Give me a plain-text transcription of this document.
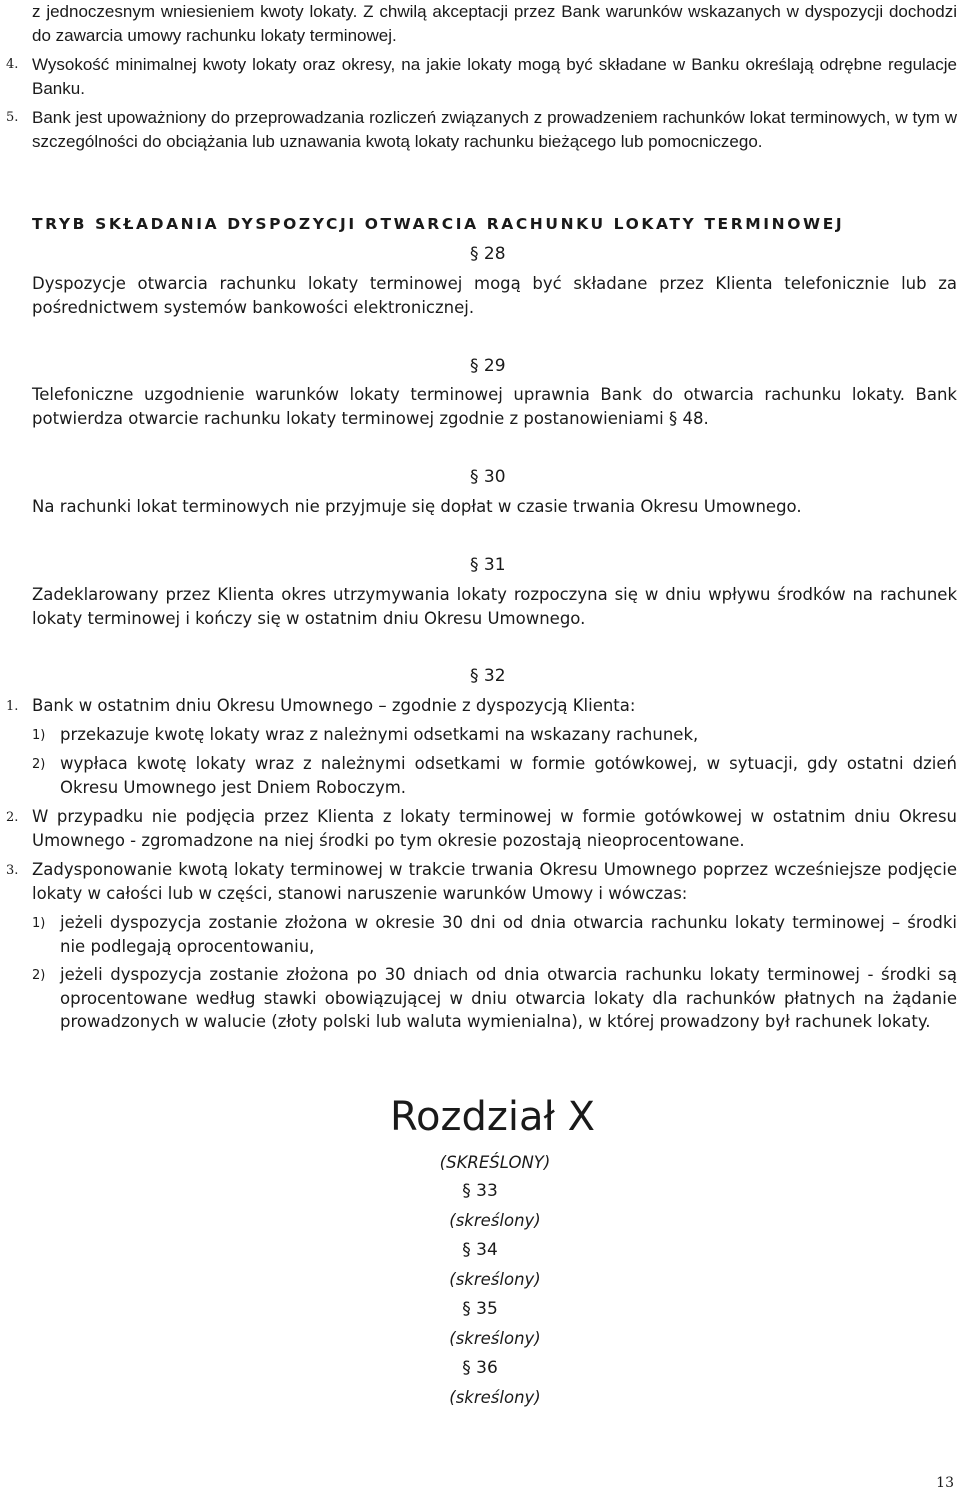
z jednoczesnym wniesieniem kwoty lokaty. Z chwilą akceptacji przez Bank warunków wskazanych w dyspozycji dochodzi do zawarcia umowy rachunku lokaty terminowej.
4. Wysokość minimalnej kwoty lokaty oraz okresy, na jakie lokaty mogą być składane w Banku określają odrębne regulacje Banku.
5. Bank jest upoważniony do przeprowadzania rozliczeń związanych z prowadzeniem rachunków lokat terminowych, w tym w szczególności do obciążania lub uznawania kwotą lokaty rachunku bieżącego lub pomocniczego.
TRYB SKŁADANIA DYSPOZYCJI OTWARCIA RACHUNKU LOKATY TERMINOWEJ
§ 28
Dyspozycje otwarcia rachunku lokaty terminowej mogą być składane przez Klienta telefonicznie lub za pośrednictwem systemów bankowości elektronicznej.
§ 29
Telefoniczne uzgodnienie warunków lokaty terminowej uprawnia Bank do otwarcia rachunku lokaty. Bank potwierdza otwarcie rachunku lokaty terminowej zgodnie z postanowieniami § 48.
§ 30
Na rachunki lokat terminowych nie przyjmuje się dopłat w czasie trwania Okresu Umownego.
§ 31
Zadeklarowany przez Klienta okres utrzymywania lokaty rozpoczyna się w dniu wpływu środków na rachunek lokaty terminowej i kończy się w ostatnim dniu Okresu Umownego.
§ 32
1. Bank w ostatnim dniu Okresu Umownego – zgodnie z dyspozycją Klienta:
1) przekazuje kwotę lokaty wraz z należnymi odsetkami na wskazany rachunek,
2) wypłaca kwotę lokaty wraz z należnymi odsetkami w formie gotówkowej, w sytuacji, gdy ostatni dzień Okresu Umownego jest Dniem Roboczym.
2. W przypadku nie podjęcia przez Klienta z lokaty terminowej w formie gotówkowej w ostatnim dniu Okresu Umownego - zgromadzone na niej środki po tym okresie pozostają nieoprocentowane.
3. Zadysponowanie kwotą lokaty terminowej w trakcie trwania Okresu Umownego poprzez wcześniejsze podjęcie lokaty w całości lub w części, stanowi naruszenie warunków Umowy i wówczas:
1) jeżeli dyspozycja zostanie złożona w okresie 30 dni od dnia otwarcia rachunku lokaty terminowej – środki nie podlegają oprocentowaniu,
2) jeżeli dyspozycja zostanie złożona po 30 dniach od dnia otwarcia rachunku lokaty terminowej - środki są oprocentowane według stawki obowiązującej w dniu otwarcia lokaty dla rachunków płatnych na żądanie prowadzonych w walucie (złoty polski lub waluta wymienialna), w której prowadzony był rachunek lokaty.
Rozdział X
(SKREŚLONY)
§ 33
(skreślony)
§ 34
(skreślony)
§ 35
(skreślony)
§ 36
(skreślony)
13
